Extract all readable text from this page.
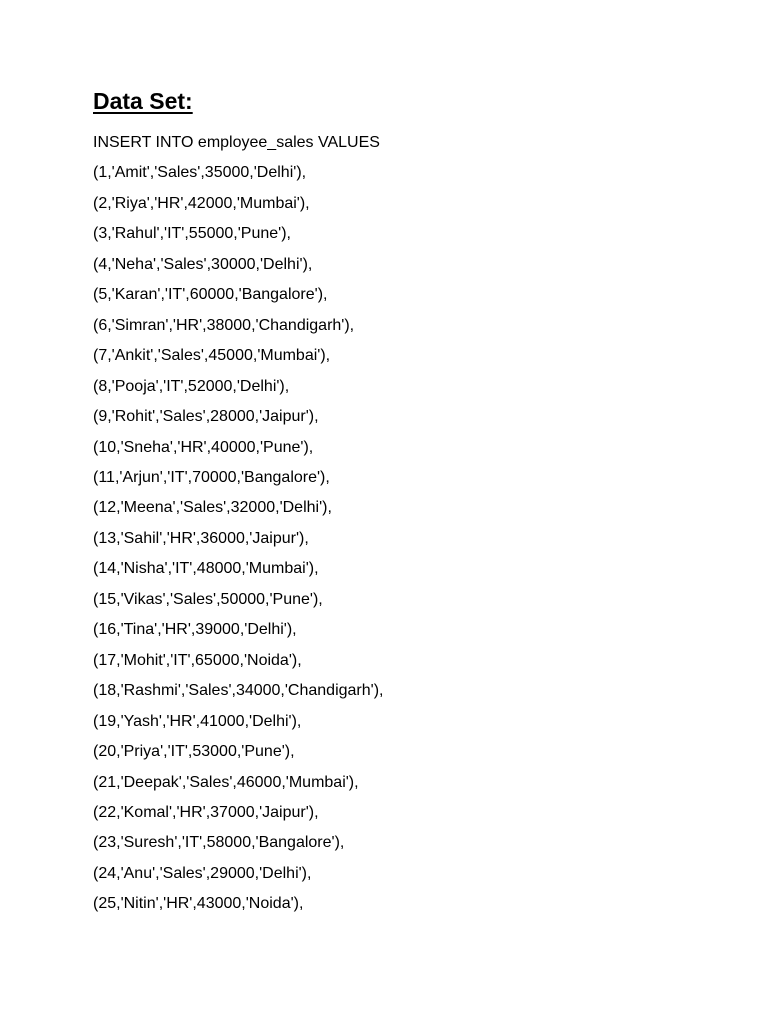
Data Set:

INSERT INTO employee_sales VALUES

(1,'Amit','Sales',35000,'Delhi'),
(2,'Riya','HR',42000,'Mumbai'),
(3,'Rahul','IT',55000,'Pune'),
(4,'Neha','Sales',30000,'Delhi'),
(5,'Karan','IT',60000,'Bangalore'),
(6,'Simran','HR',38000,'Chandigarh'),
(7,'Ankit','Sales',45000,'Mumbai'),
(8,'Pooja','IT',52000,'Delhi'),
(9,'Rohit','Sales',28000,'Jaipur'),
(10,'Sneha','HR',40000,'Pune'),
(11,'Arjun','IT',70000,'Bangalore'),
(12,'Meena','Sales',32000,'Delhi'),
(13,'Sahil','HR',36000,'Jaipur'),
(14,'Nisha','IT',48000,'Mumbai'),
(15,'Vikas','Sales',50000,'Pune'),
(16,'Tina','HR',39000,'Delhi'),
(17,'Mohit','IT',65000,'Noida'),
(18,'Rashmi','Sales',34000,'Chandigarh'),
(19,'Yash','HR',41000,'Delhi'),
(20,'Priya','IT',53000,'Pune'),
(21,'Deepak','Sales',46000,'Mumbai'),
(22,'Komal','HR',37000,'Jaipur'),
(23,'Suresh','IT',58000,'Bangalore'),
(24,'Anu','Sales',29000,'Delhi'),
(25,'Nitin','HR',43000,'Noida'),
